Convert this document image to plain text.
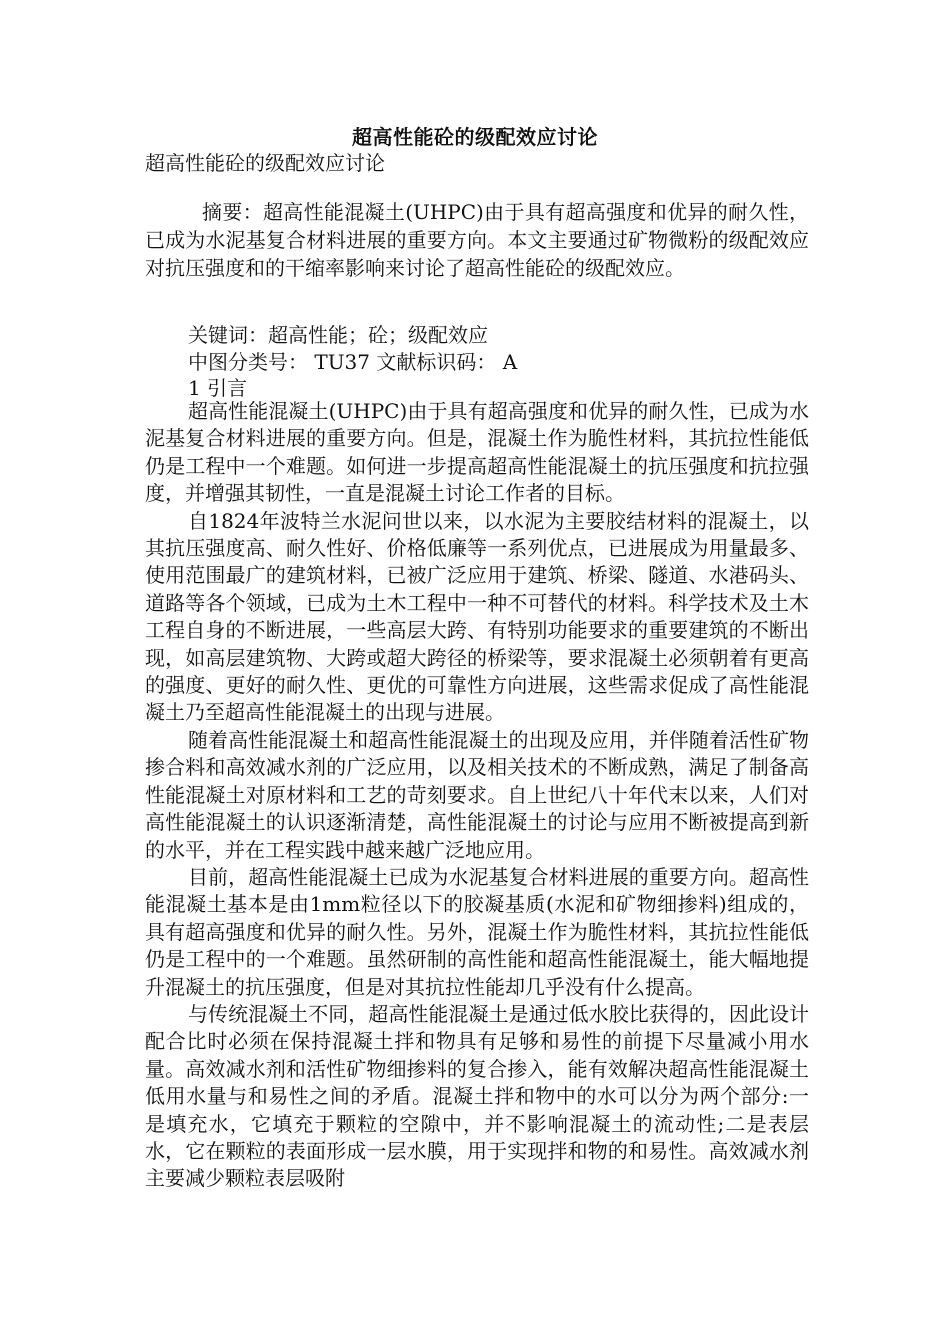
超高性能砼的级配效应讨论
超高性能砼的级配效应讨论

摘要：超高性能混凝土(UHPC)由于具有超高强度和优异的耐久性，已成为水泥基复合材料进展的重要方向。本文主要通过矿物微粉的级配效应对抗压强度和的干缩率影响来讨论了超高性能砼的级配效应。

关键词：超高性能；砼；级配效应
中图分类号： TU37 文献标识码： A
1 引言

超高性能混凝土(UHPC)由于具有超高强度和优异的耐久性，已成为水泥基复合材料进展的重要方向。但是，混凝土作为脆性材料，其抗拉性能低仍是工程中一个难题。如何进一步提高超高性能混凝土的抗压强度和抗拉强度，并增强其韧性，一直是混凝土讨论工作者的目标。

自1824年波特兰水泥问世以来，以水泥为主要胶结材料的混凝土，以其抗压强度高、耐久性好、价格低廉等一系列优点，已进展成为用量最多、使用范围最广的建筑材料，已被广泛应用于建筑、桥梁、隧道、水港码头、道路等各个领域，已成为土木工程中一种不可替代的材料。科学技术及土木工程自身的不断进展，一些高层大跨、有特别功能要求的重要建筑的不断出现，如高层建筑物、大跨或超大跨径的桥梁等，要求混凝土必须朝着有更高的强度、更好的耐久性、更优的可靠性方向进展，这些需求促成了高性能混凝土乃至超高性能混凝土的出现与进展。

随着高性能混凝土和超高性能混凝土的出现及应用，并伴随着活性矿物掺合料和高效减水剂的广泛应用，以及相关技术的不断成熟，满足了制备高性能混凝土对原材料和工艺的苛刻要求。自上世纪八十年代末以来，人们对高性能混凝土的认识逐渐清楚，高性能混凝土的讨论与应用不断被提高到新的水平，并在工程实践中越来越广泛地应用。

目前，超高性能混凝土已成为水泥基复合材料进展的重要方向。超高性能混凝土基本是由1mm粒径以下的胶凝基质(水泥和矿物细掺料)组成的，具有超高强度和优异的耐久性。另外，混凝土作为脆性材料，其抗拉性能低仍是工程中的一个难题。虽然研制的高性能和超高性能混凝土，能大幅地提升混凝土的抗压强度，但是对其抗拉性能却几乎没有什么提高。

与传统混凝土不同，超高性能混凝土是通过低水胶比获得的，因此设计配合比时必须在保持混凝土拌和物具有足够和易性的前提下尽量减小用水量。高效减水剂和活性矿物细掺料的复合掺入，能有效解决超高性能混凝土低用水量与和易性之间的矛盾。混凝土拌和物中的水可以分为两个部分:一是填充水，它填充于颗粒的空隙中，并不影响混凝土的流动性;二是表层水，它在颗粒的表面形成一层水膜，用于实现拌和物的和易性。高效减水剂主要减少颗粒表层吸附
